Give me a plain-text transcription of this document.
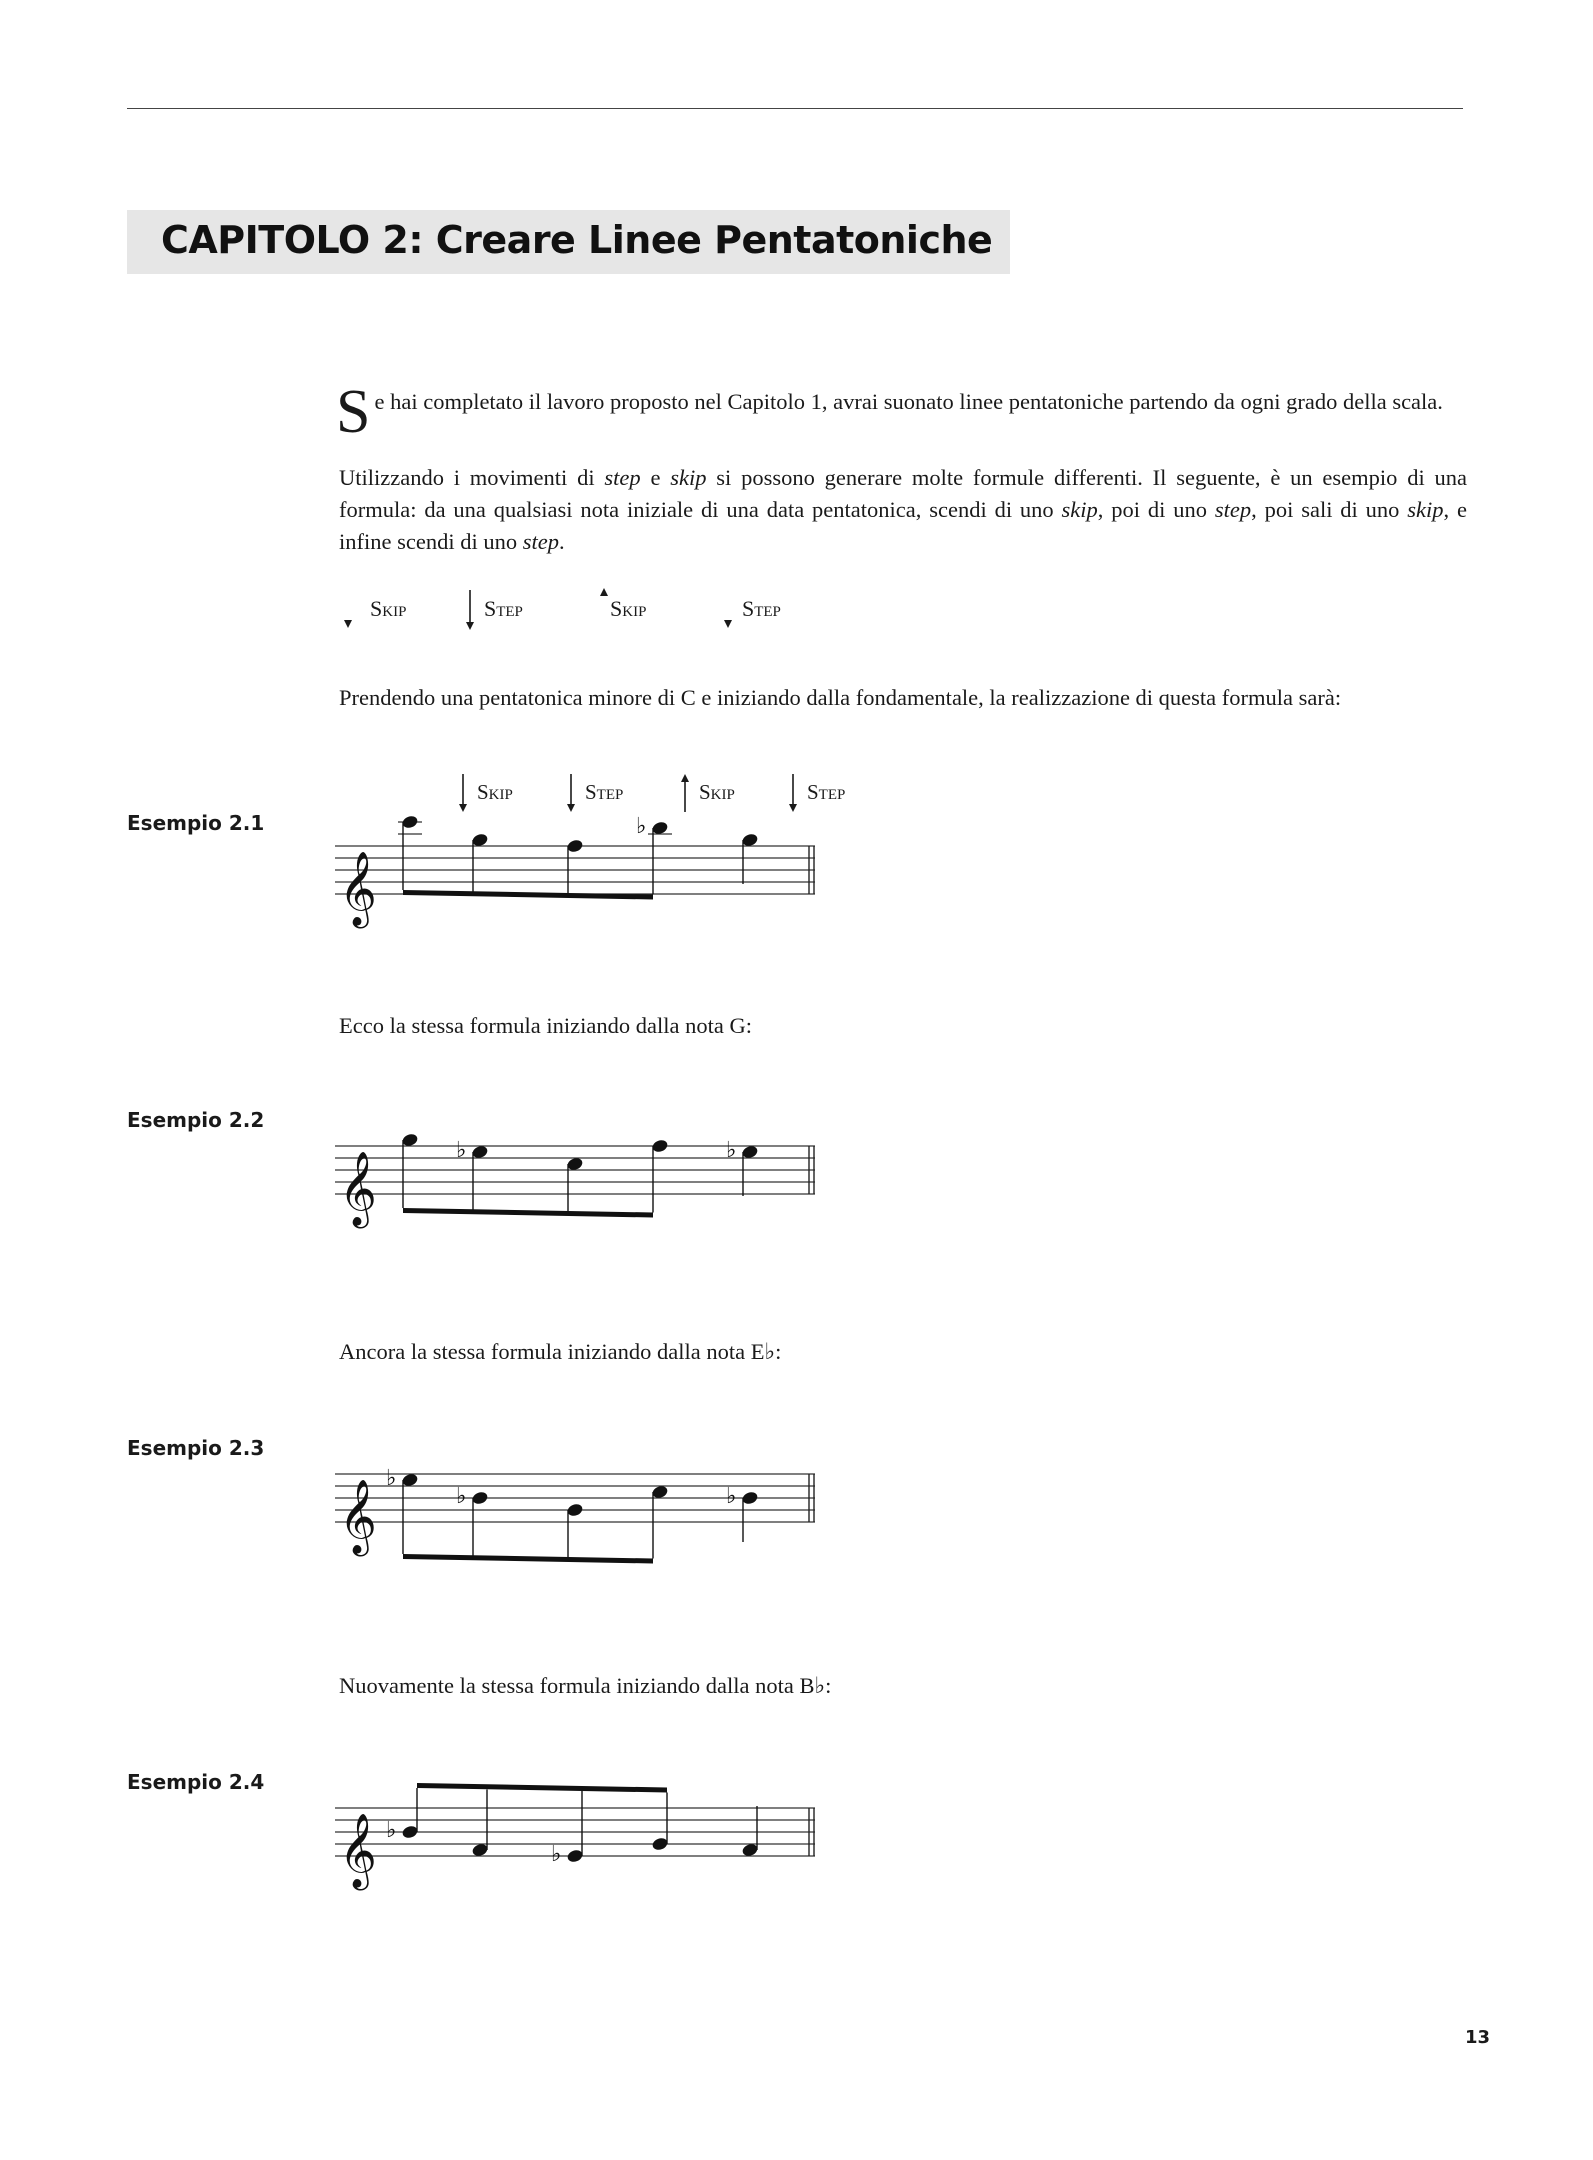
CAPITOLO 2: Creare Linee Pentatoniche
S e hai completato il lavoro proposto nel Capitolo 1, avrai suonato linee pentatoniche partendo da ogni grado della scala.
Utilizzando i movimenti di step e skip si possono generare molte formule differenti. Il seguente, è un esempio di una formula: da una qualsiasi nota iniziale di una data pentatonica, scendi di uno skip, poi di uno step, poi sali di uno skip, e infine scendi di uno step.
Skip	Step	Skip	Step
Prendendo una pentatonica minore di C e iniziando dalla fondamentale, la realizzazione di questa formula sarà:
Esempio 2.1
Skip	Step	Skip	Step
𝄞
♭
Ecco la stessa formula iniziando dalla nota G:
Esempio 2.2
𝄞
♭	♭
Ancora la stessa formula iniziando dalla nota E♭:
Esempio 2.3
𝄞
♭
♭	♭
Nuovamente la stessa formula iniziando dalla nota B♭:
Esempio 2.4
𝄞 ♭
♭
13
